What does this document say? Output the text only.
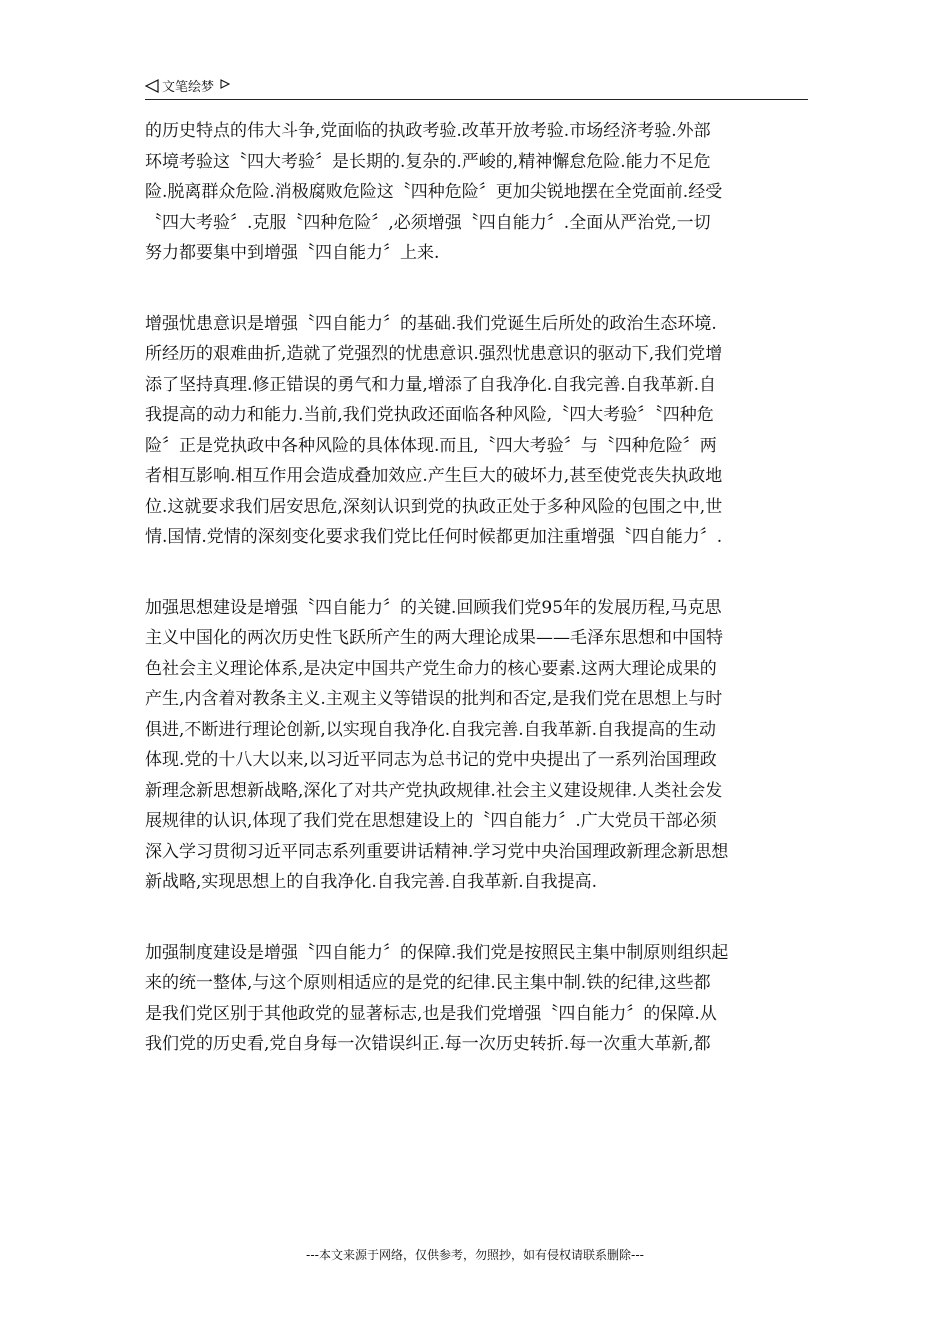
文笔绘梦
的历史特点的伟大斗争,党面临的执政考验.改革开放考验.市场经济考验.外部
环境考验这〝四大考验〞是长期的.复杂的.严峻的,精神懈怠危险.能力不足危
险.脱离群众危险.消极腐败危险这〝四种危险〞更加尖锐地摆在全党面前.经受
〝四大考验〞.克服〝四种危险〞,必须增强〝四自能力〞.全面从严治党,一切
努力都要集中到增强〝四自能力〞上来.
增强忧患意识是增强〝四自能力〞的基础.我们党诞生后所处的政治生态环境.
所经历的艰难曲折,造就了党强烈的忧患意识.强烈忧患意识的驱动下,我们党增
添了坚持真理.修正错误的勇气和力量,增添了自我净化.自我完善.自我革新.自
我提高的动力和能力.当前,我们党执政还面临各种风险,〝四大考验〞〝四种危
险〞正是党执政中各种风险的具体体现.而且,〝四大考验〞与〝四种危险〞两
者相互影响.相互作用会造成叠加效应.产生巨大的破坏力,甚至使党丧失执政地
位.这就要求我们居安思危,深刻认识到党的执政正处于多种风险的包围之中,世
情.国情.党情的深刻变化要求我们党比任何时候都更加注重增强〝四自能力〞.
加强思想建设是增强〝四自能力〞的关键.回顾我们党95年的发展历程,马克思
主义中国化的两次历史性飞跃所产生的两大理论成果——毛泽东思想和中国特
色社会主义理论体系,是决定中国共产党生命力的核心要素.这两大理论成果的
产生,内含着对教条主义.主观主义等错误的批判和否定,是我们党在思想上与时
俱进,不断进行理论创新,以实现自我净化.自我完善.自我革新.自我提高的生动
体现.党的十八大以来,以习近平同志为总书记的党中央提出了一系列治国理政
新理念新思想新战略,深化了对共产党执政规律.社会主义建设规律.人类社会发
展规律的认识,体现了我们党在思想建设上的〝四自能力〞.广大党员干部必须
深入学习贯彻习近平同志系列重要讲话精神.学习党中央治国理政新理念新思想
新战略,实现思想上的自我净化.自我完善.自我革新.自我提高.
加强制度建设是增强〝四自能力〞的保障.我们党是按照民主集中制原则组织起
来的统一整体,与这个原则相适应的是党的纪律.民主集中制.铁的纪律,这些都
是我们党区别于其他政党的显著标志,也是我们党增强〝四自能力〞的保障.从
我们党的历史看,党自身每一次错误纠正.每一次历史转折.每一次重大革新,都
---本文来源于网络，仅供参考，勿照抄，如有侵权请联系删除---
